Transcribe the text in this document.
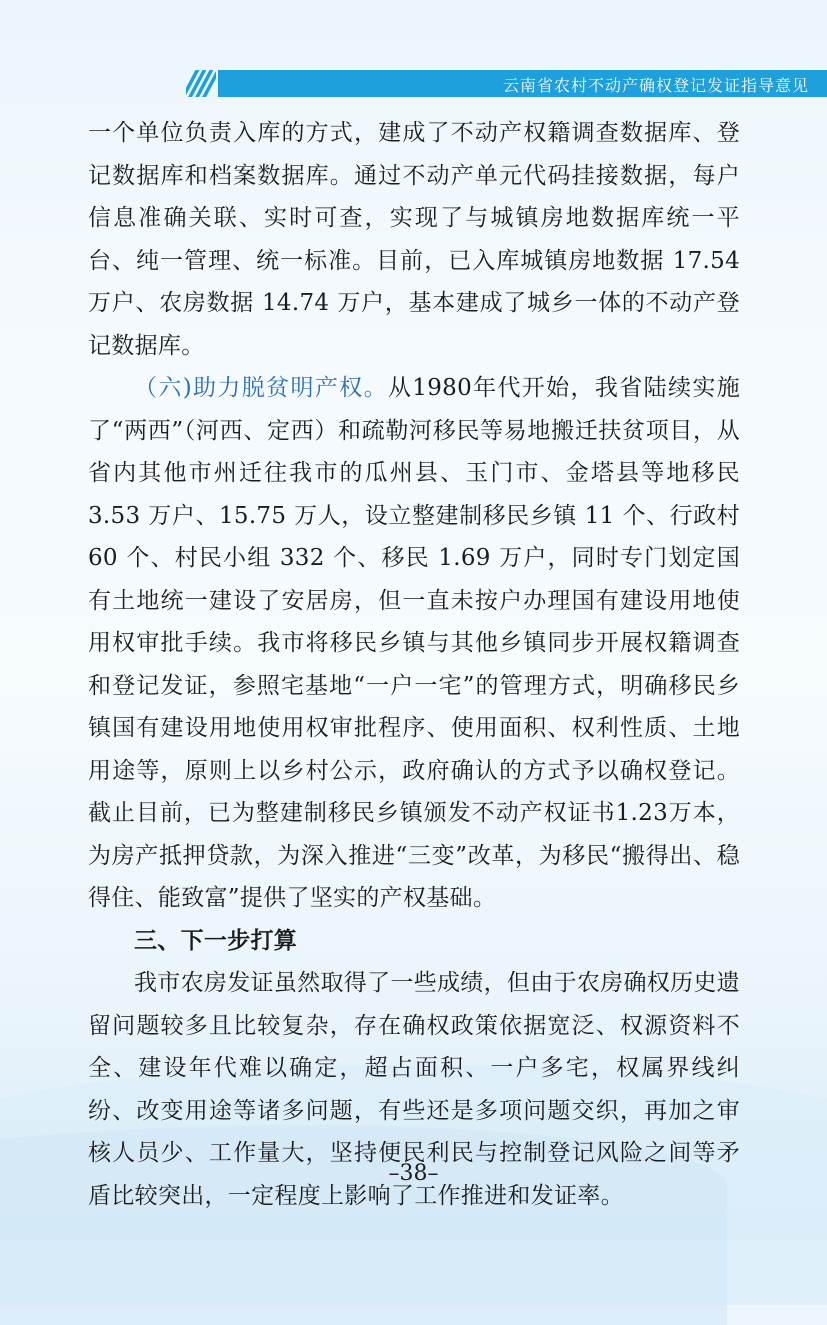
云南省农村不动产确权登记发证指导意见

一个单位负责入库的方式，建成了不动产权籍调查数据库、登记数据库和档案数据库。通过不动产单元代码挂接数据，每户信息准确关联、实时可查，实现了与城镇房地数据库统一平台、纯一管理、统一标准。目前，已入库城镇房地数据 17.54 万户、农房数据 14.74 万户，基本建成了城乡一体的不动产登记数据库。

（六)助力脱贫明产权。从1980年代开始，我省陆续实施了“两西”（河西、定西）和疏勒河移民等易地搬迁扶贫项目，从省内其他市州迁往我市的瓜州县、玉门市、金塔县等地移民 3.53 万户、15.75 万人，设立整建制移民乡镇 11 个、行政村 60 个、村民小组 332 个、移民 1.69 万户，同时专门划定国有土地统一建设了安居房，但一直未按户办理国有建设用地使用权审批手续。我市将移民乡镇与其他乡镇同步开展权籍调查和登记发证，参照宅基地“一户一宅”的管理方式，明确移民乡镇国有建设用地使用权审批程序、使用面积、权利性质、土地用途等，原则上以乡村公示，政府确认的方式予以确权登记。截止目前，已为整建制移民乡镇颁发不动产权证书1.23万本，为房产抵押贷款，为深入推进“三变”改革，为移民“搬得出、稳得住、能致富”提供了坚实的产权基础。

三、下一步打算

我市农房发证虽然取得了一些成绩，但由于农房确权历史遗留问题较多且比较复杂，存在确权政策依据宽泛、权源资料不全、建设年代难以确定，超占面积、一户多宅，权属界线纠纷、改变用途等诸多问题，有些还是多项问题交织，再加之审核人员少、工作量大，坚持便民利民与控制登记风险之间等矛盾比较突出，一定程度上影响了工作推进和发证率。

–38–
